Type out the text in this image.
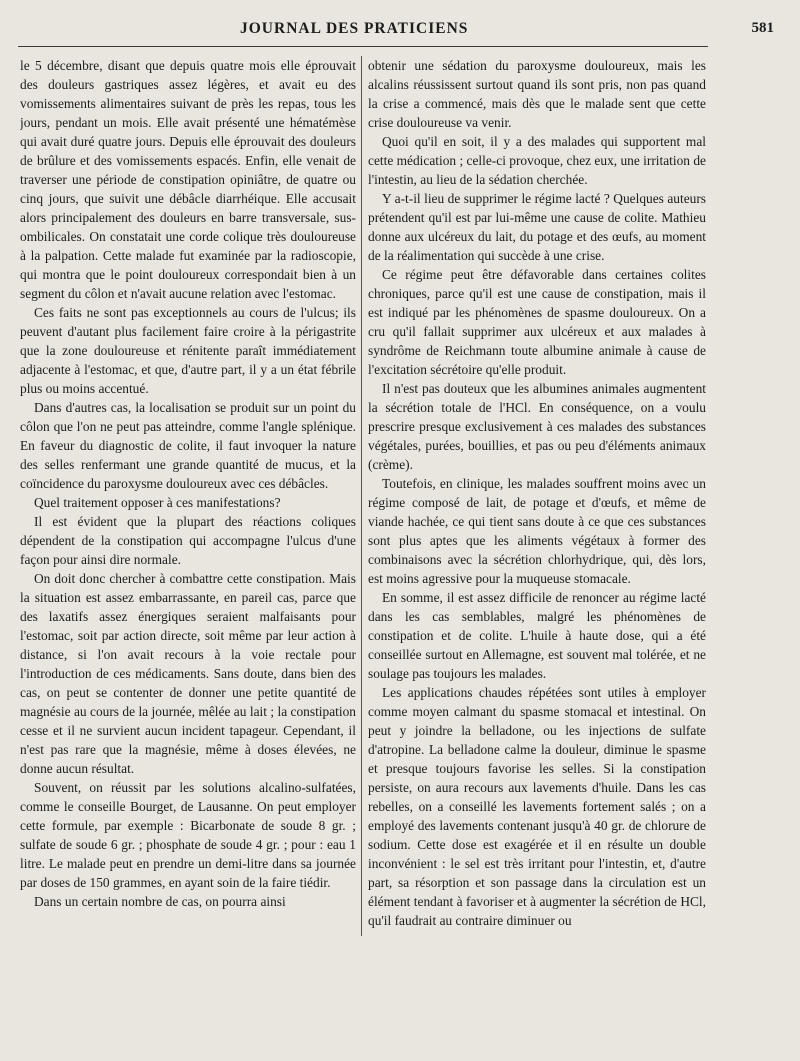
JOURNAL DES PRATICIENS	581

le 5 décembre, disant que depuis quatre mois elle éprouvait des douleurs gastriques assez légères, et avait eu des vomissements alimentaires suivant de près les repas, tous les jours, pendant un mois. Elle avait présenté une hématémèse qui avait duré quatre jours. Depuis elle éprouvait des douleurs de brûlure et des vomissements espacés. Enfin, elle venait de traverser une période de constipation opiniâtre, de quatre ou cinq jours, que suivit une débâcle diarrhéique. Elle accusait alors principalement des douleurs en barre transversale, sus-ombilicales. On constatait une corde colique très douloureuse à la palpation. Cette malade fut examinée par la radioscopie, qui montra que le point douloureux correspondait bien à un segment du côlon et n'avait aucune relation avec l'estomac.

Ces faits ne sont pas exceptionnels au cours de l'ulcus; ils peuvent d'autant plus facilement faire croire à la périgastrite que la zone douloureuse et rénitente paraît immédiatement adjacente à l'estomac, et que, d'autre part, il y a un état fébrile plus ou moins accentué.

Dans d'autres cas, la localisation se produit sur un point du côlon que l'on ne peut pas atteindre, comme l'angle splénique. En faveur du diagnostic de colite, il faut invoquer la nature des selles renfermant une grande quantité de mucus, et la coïncidence du paroxysme douloureux avec ces débâcles.

Quel traitement opposer à ces manifestations?

Il est évident que la plupart des réactions coliques dépendent de la constipation qui accompagne l'ulcus d'une façon pour ainsi dire normale.

On doit donc chercher à combattre cette constipation. Mais la situation est assez embarrassante, en pareil cas, parce que des laxatifs assez énergiques seraient malfaisants pour l'estomac, soit par action directe, soit même par leur action à distance, si l'on avait recours à la voie rectale pour l'introduction de ces médicaments. Sans doute, dans bien des cas, on peut se contenter de donner une petite quantité de magnésie au cours de la journée, mêlée au lait ; la constipation cesse et il ne survient aucun incident tapageur. Cependant, il n'est pas rare que la magnésie, même à doses élevées, ne donne aucun résultat.

Souvent, on réussit par les solutions alcalino-sulfatées, comme le conseille Bourget, de Lausanne. On peut employer cette formule, par exemple : Bicarbonate de soude 8 gr. ; sulfate de soude 6 gr. ; phosphate de soude 4 gr. ; pour : eau 1 litre. Le malade peut en prendre un demi-litre dans sa journée par doses de 150 grammes, en ayant soin de la faire tiédir.

Dans un certain nombre de cas, on pourra ainsi

obtenir une sédation du paroxysme douloureux, mais les alcalins réussissent surtout quand ils sont pris, non pas quand la crise a commencé, mais dès que le malade sent que cette crise douloureuse va venir.

Quoi qu'il en soit, il y a des malades qui supportent mal cette médication ; celle-ci provoque, chez eux, une irritation de l'intestin, au lieu de la sédation cherchée.

Y a-t-il lieu de supprimer le régime lacté ? Quelques auteurs prétendent qu'il est par lui-même une cause de colite. Mathieu donne aux ulcéreux du lait, du potage et des œufs, au moment de la réalimentation qui succède à une crise.

Ce régime peut être défavorable dans certaines colites chroniques, parce qu'il est une cause de constipation, mais il est indiqué par les phénomènes de spasme douloureux. On a cru qu'il fallait supprimer aux ulcéreux et aux malades à syndrôme de Reichmann toute albumine animale à cause de l'excitation sécrétoire qu'elle produit.

Il n'est pas douteux que les albumines animales augmentent la sécrétion totale de l'HCl. En conséquence, on a voulu prescrire presque exclusivement à ces malades des substances végétales, purées, bouillies, et pas ou peu d'éléments animaux (crème).

Toutefois, en clinique, les malades souffrent moins avec un régime composé de lait, de potage et d'œufs, et même de viande hachée, ce qui tient sans doute à ce que ces substances sont plus aptes que les aliments végétaux à former des combinaisons avec la sécrétion chlorhydrique, qui, dès lors, est moins agressive pour la muqueuse stomacale.

En somme, il est assez difficile de renoncer au régime lacté dans les cas semblables, malgré les phénomènes de constipation et de colite. L'huile à haute dose, qui a été conseillée surtout en Allemagne, est souvent mal tolérée, et ne soulage pas toujours les malades.

Les applications chaudes répétées sont utiles à employer comme moyen calmant du spasme stomacal et intestinal. On peut y joindre la belladone, ou les injections de sulfate d'atropine. La belladone calme la douleur, diminue le spasme et presque toujours favorise les selles. Si la constipation persiste, on aura recours aux lavements d'huile. Dans les cas rebelles, on a conseillé les lavements fortement salés ; on a employé des lavements contenant jusqu'à 40 gr. de chlorure de sodium. Cette dose est exagérée et il en résulte un double inconvénient : le sel est très irritant pour l'intestin, et, d'autre part, sa résorption et son passage dans la circulation est un élément tendant à favoriser et à augmenter la sécrétion de HCl, qu'il faudrait au contraire diminuer ou
